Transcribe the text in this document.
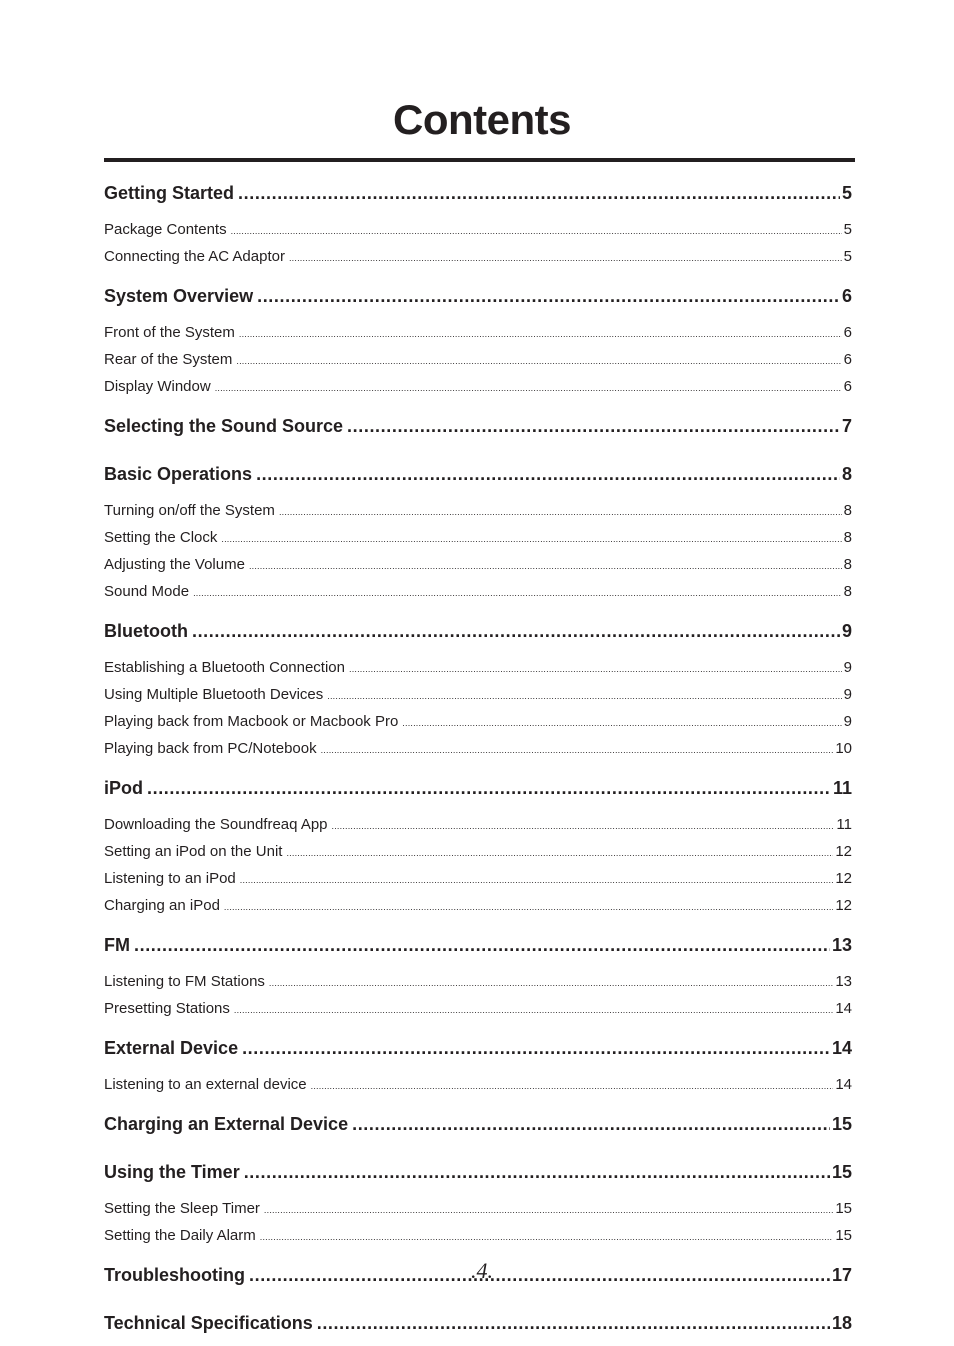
Contents
Getting Started .....	5
Package Contents .....	5
Connecting the AC Adaptor .....	5
System Overview .....	6
Front of the System .....	6
Rear of the System .....	6
Display Window .....	6
Selecting the Sound Source .....	7
Basic Operations .....	8
Turning on/off the System .....	8
Setting the Clock .....	8
Adjusting the Volume .....	8
Sound Mode .....	8
Bluetooth .....	9
Establishing a Bluetooth Connection .....	9
Using Multiple Bluetooth Devices .....	9
Playing back from Macbook or Macbook Pro .....	9
Playing back from PC/Notebook .....	10
iPod .....	11
Downloading the Soundfreaq App .....	11
Setting an iPod on the Unit .....	12
Listening to an iPod .....	12
Charging an iPod .....	12
FM .....	13
Listening to FM Stations .....	13
Presetting Stations .....	14
External Device .....	14
Listening to an external device .....	14
Charging an External Device .....	15
Using the Timer .....	15
Setting the Sleep Timer .....	15
Setting the Daily Alarm .....	15
Troubleshooting .....	17
Technical Specifications .....	18
.4.
